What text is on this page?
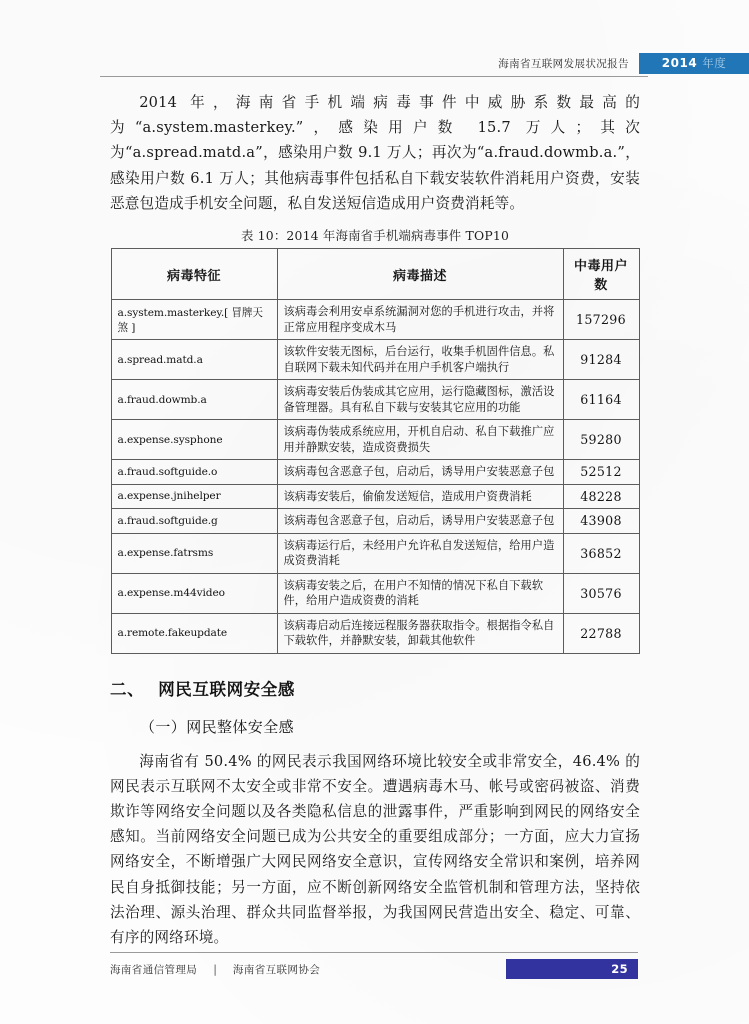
海南省互联网发展状况报告	2014 年度

2014 年，海南省手机端病毒事件中威胁系数最高的为“a.system.masterkey.”，感染用户数 15.7 万人；其次为“a.spread.matd.a”，感染用户数 9.1 万人；再次为“a.fraud.dowmb.a.”，感染用户数 6.1 万人；其他病毒事件包括私自下载安装软件消耗用户资费，安装恶意包造成手机安全问题，私自发送短信造成用户资费消耗等。

表 10：2014 年海南省手机端病毒事件 TOP10
病毒特征	病毒描述	中毒用户数
a.system.masterkey.[ 冒牌天煞 ]	该病毒会利用安卓系统漏洞对您的手机进行攻击，并将正常应用程序变成木马	157296
a.spread.matd.a	该软件安装无图标，后台运行，收集手机固件信息。私自联网下载未知代码并在用户手机客户端执行	91284
a.fraud.dowmb.a	该病毒安装后伪装成其它应用，运行隐藏图标，激活设备管理器。具有私自下载与安装其它应用的功能	61164
a.expense.sysphone	该病毒伪装成系统应用，开机自启动、私自下载推广应用并静默安装，造成资费损失	59280
a.fraud.softguide.o	该病毒包含恶意子包，启动后，诱导用户安装恶意子包	52512
a.expense.jnihelper	该病毒安装后，偷偷发送短信，造成用户资费消耗	48228
a.fraud.softguide.g	该病毒包含恶意子包，启动后，诱导用户安装恶意子包	43908
a.expense.fatrsms	该病毒运行后，未经用户允许私自发送短信，给用户造成资费消耗	36852
a.expense.m44video	该病毒安装之后，在用户不知情的情况下私自下载软件，给用户造成资费的消耗	30576
a.remote.fakeupdate	该病毒启动后连接远程服务器获取指令。根据指令私自下载软件，并静默安装，卸载其他软件	22788
二、 网民互联网安全感
（一）网民整体安全感

海南省有 50.4% 的网民表示我国网络环境比较安全或非常安全，46.4% 的网民表示互联网不太安全或非常不安全。遭遇病毒木马、帐号或密码被盗、消费欺诈等网络安全问题以及各类隐私信息的泄露事件，严重影响到网民的网络安全感知。当前网络安全问题已成为公共安全的重要组成部分；一方面，应大力宣扬网络安全，不断增强广大网民网络安全意识，宣传网络安全常识和案例，培养网民自身抵御技能；另一方面，应不断创新网络安全监管机制和管理方法，坚持依法治理、源头治理、群众共同监督举报，为我国网民营造出安全、稳定、可靠、有序的网络环境。

海南省通信管理局 | 海南省互联网协会	25
